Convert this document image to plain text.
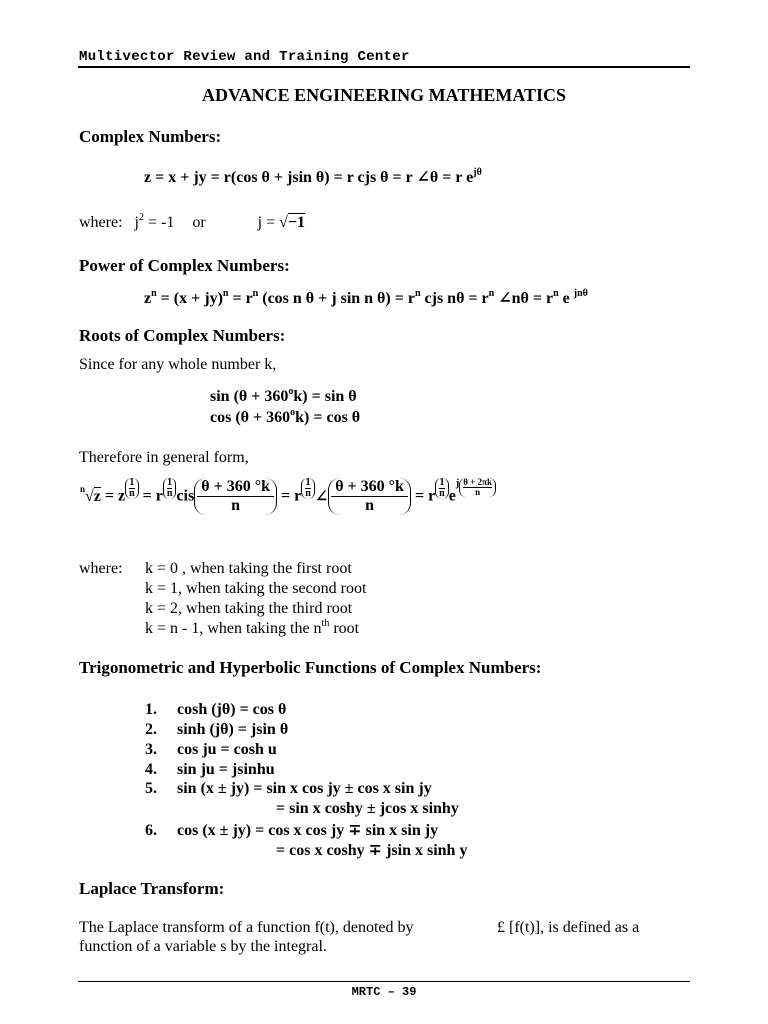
Multivector Review and Training Center
ADVANCE ENGINEERING MATHEMATICS
Complex Numbers:
z = x + jy = r(cos θ + jsin θ) = r cjs θ = r ∠θ = r $e^{j\theta}$
where: $j^2 = -1$ or	j = √−1
Power of Complex Numbers:
$z^n = (x + jy)^n = r^n$ (cos n θ + j sin n $\theta) = r^n$ cjs $n\theta = r^n$ ∠nθ = $r^n$ e $^{jn\theta}$
Roots of Complex Numbers:
Since for any whole number k,
$\sin (\theta + 360^ok) = \sin \theta$
$\cos (\theta + 360^ok) = \cos \theta$
Therefore in general form,
n √z = z $\frac{1}{n} = r \frac{1}{n}$ cis $\frac{\theta + 360 ^\circ k}{n} = r \frac{1}{n}$ ∠ $\frac{\theta + 360 ^\circ k}{n} = r \frac{1}{n} e^j \frac{\theta + 2\pi k}{n}$
where: k = 0 , when taking the first root
k = 1, when taking the second root
k = 2, when taking the third root
k = n - 1, when taking the $n^{th}$ root
Trigonometric and Hyperbolic Functions of Complex Numbers:
1. cosh (jθ) = cos θ
2. sinh (jθ) = jsin θ
3. cos ju = cosh u
4. sin ju = jsinhu
5. sin (x ± jy) = sin x cos jy ± cos x sin jy
= sin x coshy ± jcos x sinhy
6. cos (x ± jy) = cos x cos jy ∓ sin x sin jy
= cos x coshy ∓ jsin x sinh y
Laplace Transform:
The Laplace transform of a function f(t), denoted by	£ [f(t)], is defined as a
function of a variable s by the integral.
MRTC – 39
